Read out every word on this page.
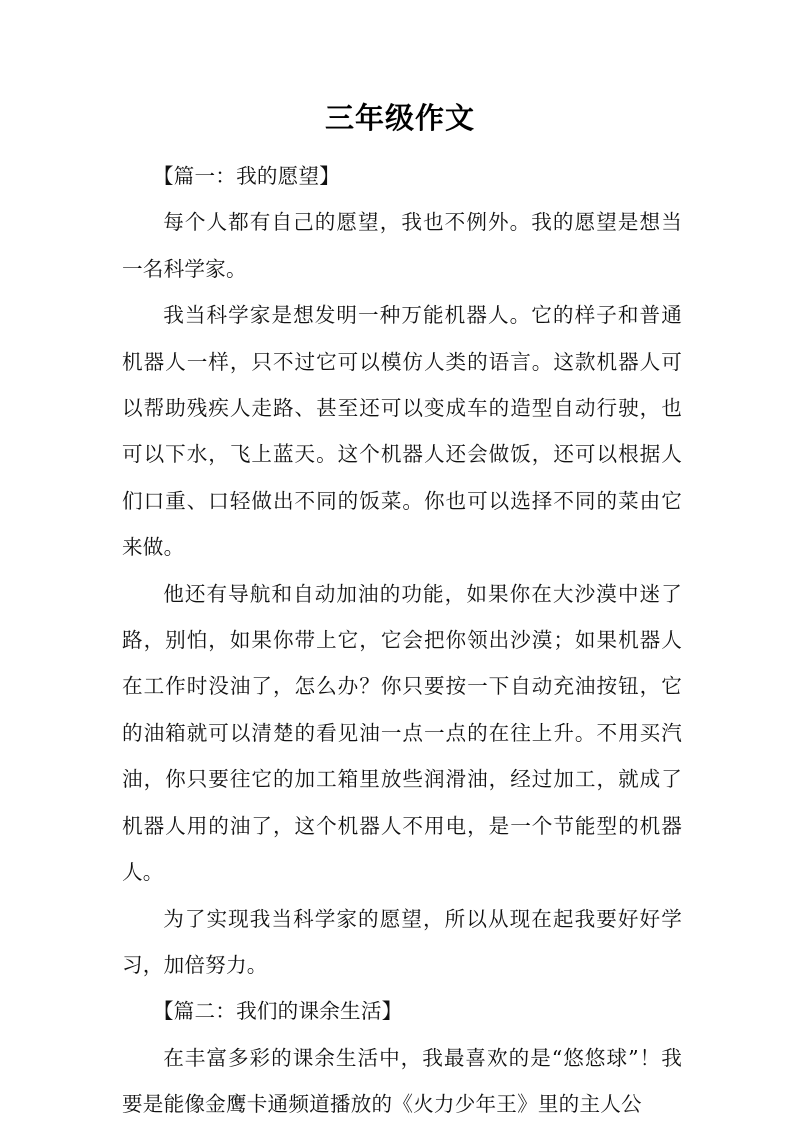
三年级作文

【篇一：我的愿望】

每个人都有自己的愿望，我也不例外。我的愿望是想当一名科学家。

我当科学家是想发明一种万能机器人。它的样子和普通机器人一样，只不过它可以模仿人类的语言。这款机器人可以帮助残疾人走路、甚至还可以变成车的造型自动行驶，也可以下水，飞上蓝天。这个机器人还会做饭，还可以根据人们口重、口轻做出不同的饭菜。你也可以选择不同的菜由它来做。

他还有导航和自动加油的功能，如果你在大沙漠中迷了路，别怕，如果你带上它，它会把你领出沙漠；如果机器人在工作时没油了，怎么办？你只要按一下自动充油按钮，它的油箱就可以清楚的看见油一点一点的在往上升。不用买汽油，你只要往它的加工箱里放些润滑油，经过加工，就成了机器人用的油了，这个机器人不用电，是一个节能型的机器人。

为了实现我当科学家的愿望，所以从现在起我要好好学习，加倍努力。

【篇二：我们的课余生活】

在丰富多彩的课余生活中，我最喜欢的是“悠悠球”！我要是能像金鹰卡通频道播放的《火力少年王》里的主人公
